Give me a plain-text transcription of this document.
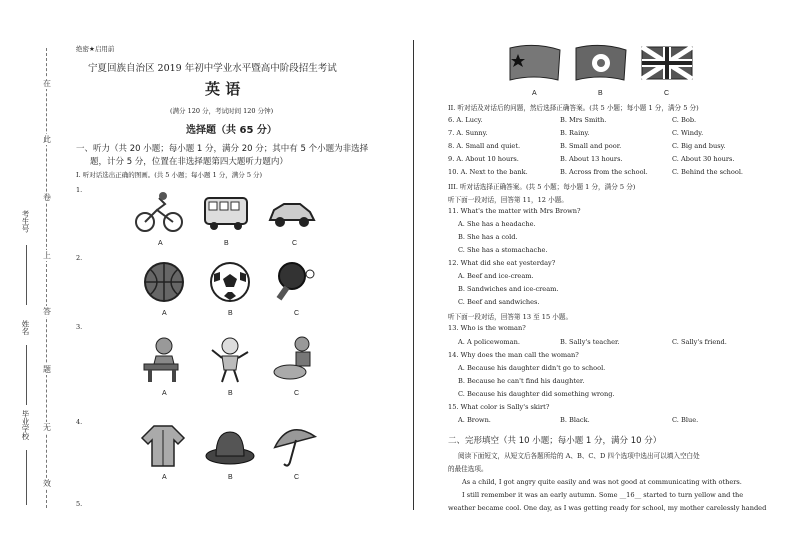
在
此
卷
上
答
题
无
效
考生号
姓名
毕业学校
绝密★启用前
宁夏回族自治区 2019 年初中学业水平暨高中阶段招生考试
英 语
(满分 120 分，考试时间 120 分钟)
选择题（共 65 分）
一、听力（共 20 小题；每小题 1 分，满分 20 分；其中有 5 个小题为非选择
题，计分 5 分，位置在非选择题第四大题听力题内）
I. 听对话选出正确的图画。(共 5 小题；每小题 1 分，满分 5 分)
1.
2.
3.
4.
5.
A	B	C
A	B	C
A	B	C
A	B	C
A	B	C
II. 听对话及对话后的问题，然后选择正确答案。(共 5 小题；每小题 1 分，满分 5 分)
6. A. Lucy.	B. Mrs Smith.	C. Bob.
7. A. Sunny.	B. Rainy.	C. Windy.
8. A. Small and quiet.	B. Small and poor.	C. Big and busy.
9. A. About 10 hours.	B. About 13 hours.	C. About 30 hours.
10. A. Next to the bank.	B. Across from the school.	C. Behind the school.
III. 听对话选择正确答案。(共 5 小题；每小题 1 分，满分 5 分)
听下面一段对话，回答第 11，12 小题。
11. What's the matter with Mrs Brown?
A. She has a headache.
B. She has a cold.
C. She has a stomachache.
12. What did she eat yesterday?
A. Beef and ice-cream.
B. Sandwiches and ice-cream.
C. Beef and sandwiches.
听下面一段对话，回答第 13 至 15 小题。
13. Who is the woman?
A. A policewoman.	B. Sally's teacher.	C. Sally's friend.
14. Why does the man call the woman?
A. Because his daughter didn't go to school.
B. Because he can't find his daughter.
C. Because his daughter did something wrong.
15. What color is Sally's skirt?
A. Brown.	B. Black.	C. Blue.
二、完形填空（共 10 小题；每小题 1 分，满分 10 分）
阅读下面短文，从短文后各题所给的 A、B、C、D 四个选项中选出可以填入空白处
的最佳选项。
As a child, I got angry quite easily and was not good at communicating with others.
I still remember it was an early autumn. Some __16__ started to turn yellow and the
weather became cool. One day, as I was getting ready for school, my mother carelessly handed
